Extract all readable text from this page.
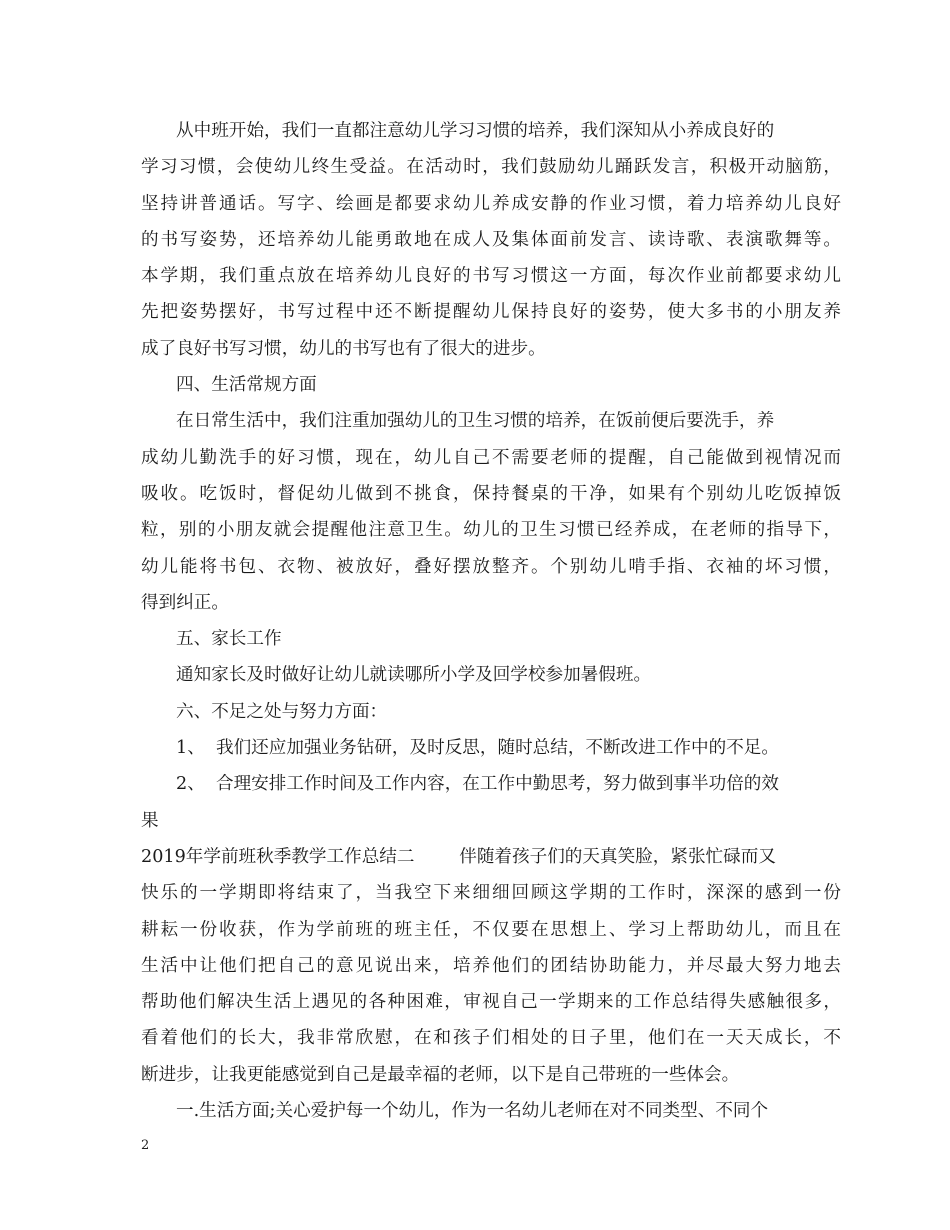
从中班开始，我们一直都注意幼儿学习习惯的培养，我们深知从小养成良好的
学习习惯，会使幼儿终生受益。在活动时，我们鼓励幼儿踊跃发言，积极开动脑筋，
坚持讲普通话。写字、绘画是都要求幼儿养成安静的作业习惯，着力培养幼儿良好
的书写姿势，还培养幼儿能勇敢地在成人及集体面前发言、读诗歌、表演歌舞等。
本学期，我们重点放在培养幼儿良好的书写习惯这一方面，每次作业前都要求幼儿
先把姿势摆好，书写过程中还不断提醒幼儿保持良好的姿势，使大多书的小朋友养
成了良好书写习惯，幼儿的书写也有了很大的进步。
四、生活常规方面
在日常生活中，我们注重加强幼儿的卫生习惯的培养，在饭前便后要洗手，养
成幼儿勤洗手的好习惯，现在，幼儿自己不需要老师的提醒，自己能做到视情况而
吸收。吃饭时，督促幼儿做到不挑食，保持餐桌的干净，如果有个别幼儿吃饭掉饭
粒，别的小朋友就会提醒他注意卫生。幼儿的卫生习惯已经养成，在老师的指导下，
幼儿能将书包、衣物、被放好，叠好摆放整齐。个别幼儿啃手指、衣袖的坏习惯，
得到纠正。
五、家长工作
通知家长及时做好让幼儿就读哪所小学及回学校参加暑假班。
六、不足之处与努力方面：
1、  我们还应加强业务钻研，及时反思，随时总结，不断改进工作中的不足。
2、  合理安排工作时间及工作内容，在工作中勤思考，努力做到事半功倍的效
果
2019年学前班秋季教学工作总结二        伴随着孩子们的天真笑脸，紧张忙碌而又
快乐的一学期即将结束了，当我空下来细细回顾这学期的工作时，深深的感到一份
耕耘一份收获，作为学前班的班主任，不仅要在思想上、学习上帮助幼儿，而且在
生活中让他们把自己的意见说出来，培养他们的团结协助能力，并尽最大努力地去
帮助他们解决生活上遇见的各种困难，审视自己一学期来的工作总结得失感触很多，
看着他们的长大，我非常欣慰，在和孩子们相处的日子里，他们在一天天成长，不
断进步，让我更能感觉到自己是最幸福的老师，以下是自己带班的一些体会。
一.生活方面;关心爱护每一个幼儿，作为一名幼儿老师在对不同类型、不同个
2
